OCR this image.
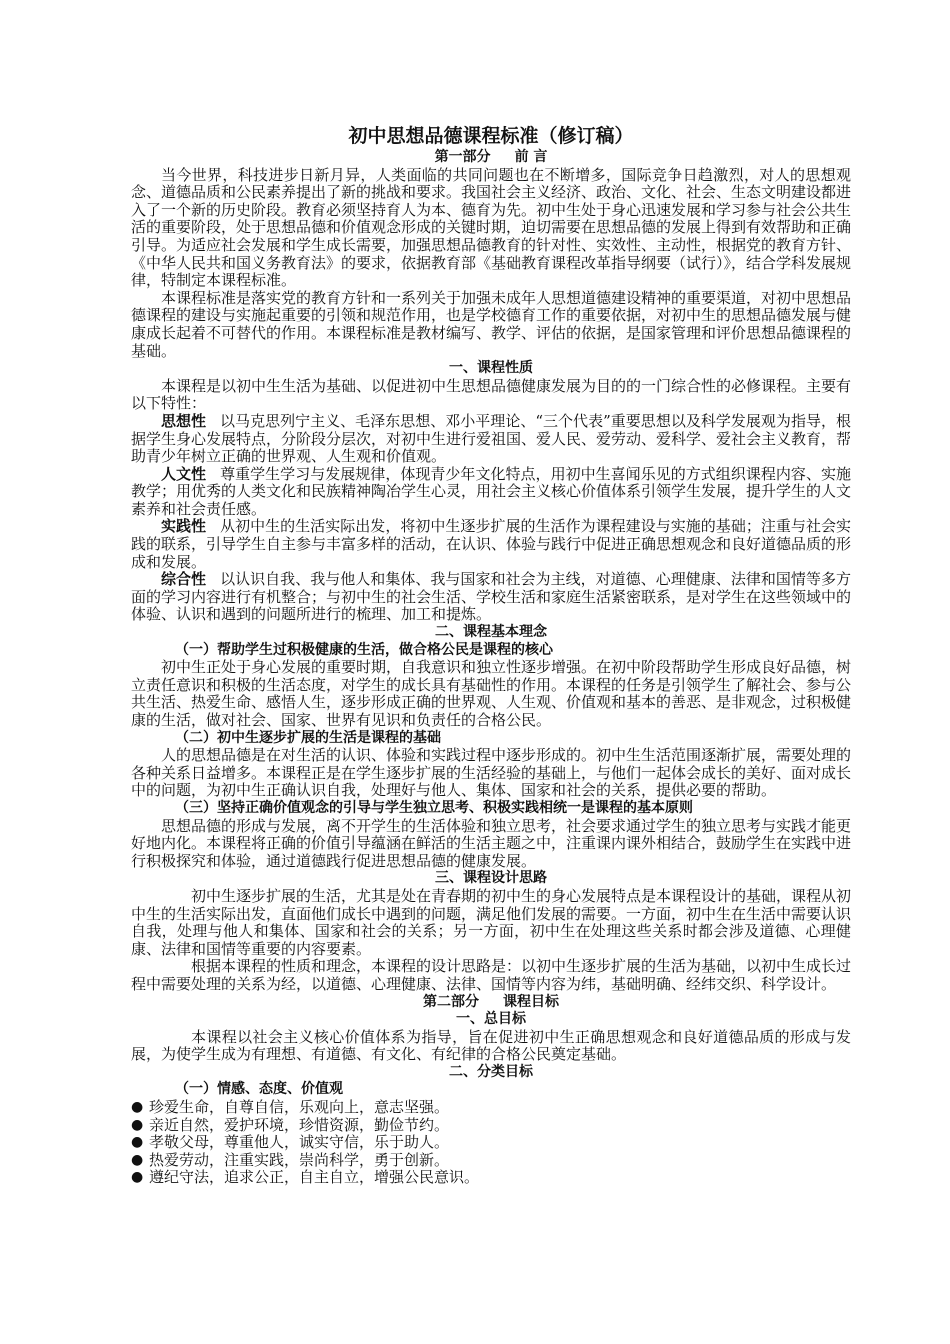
初中思想品德课程标准（修订稿）
第一部分 前 言

当今世界，科技进步日新月异，人类面临的共同问题也在不断增多，国际竞争日趋激烈，对人的思想观念、道德品质和公民素养提出了新的挑战和要求。我国社会主义经济、政治、文化、社会、生态文明建设都进入了一个新的历史阶段。教育必须坚持育人为本、德育为先。初中生处于身心迅速发展和学习参与社会公共生活的重要阶段，处于思想品德和价值观念形成的关键时期，迫切需要在思想品德的发展上得到有效帮助和正确引导。为适应社会发展和学生成长需要，加强思想品德教育的针对性、实效性、主动性，根据党的教育方针、《中华人民共和国义务教育法》的要求，依据教育部《基础教育课程改革指导纲要（试行）》，结合学科发展规律，特制定本课程标准。

本课程标准是落实党的教育方针和一系列关于加强未成年人思想道德建设精神的重要渠道，对初中思想品德课程的建设与实施起重要的引领和规范作用，也是学校德育工作的重要依据，对初中生的思想品德发展与健康成长起着不可替代的作用。本课程标准是教材编写、教学、评估的依据，是国家管理和评价思想品德课程的基础。

一、课程性质

本课程是以初中生生活为基础、以促进初中生思想品德健康发展为目的的一门综合性的必修课程。主要有以下特性：

思想性 以马克思列宁主义、毛泽东思想、邓小平理论、“三个代表”重要思想以及科学发展观为指导，根据学生身心发展特点，分阶段分层次，对初中生进行爱祖国、爱人民、爱劳动、爱科学、爱社会主义教育，帮助青少年树立正确的世界观、人生观和价值观。

人文性 尊重学生学习与发展规律，体现青少年文化特点，用初中生喜闻乐见的方式组织课程内容、实施教学；用优秀的人类文化和民族精神陶冶学生心灵，用社会主义核心价值体系引领学生发展，提升学生的人文素养和社会责任感。

实践性 从初中生的生活实际出发，将初中生逐步扩展的生活作为课程建设与实施的基础；注重与社会实践的联系，引导学生自主参与丰富多样的活动，在认识、体验与践行中促进正确思想观念和良好道德品质的形成和发展。

综合性 以认识自我、我与他人和集体、我与国家和社会为主线，对道德、心理健康、法律和国情等多方面的学习内容进行有机整合；与初中生的社会生活、学校生活和家庭生活紧密联系，是对学生在这些领域中的体验、认识和遇到的问题所进行的梳理、加工和提炼。

二、课程基本理念
（一）帮助学生过积极健康的生活，做合格公民是课程的核心

初中生正处于身心发展的重要时期，自我意识和独立性逐步增强。在初中阶段帮助学生形成良好品德，树立责任意识和积极的生活态度，对学生的成长具有基础性的作用。本课程的任务是引领学生了解社会、参与公共生活、热爱生命、感悟人生，逐步形成正确的世界观、人生观、价值观和基本的善恶、是非观念，过积极健康的生活，做对社会、国家、世界有见识和负责任的合格公民。

（二）初中生逐步扩展的生活是课程的基础

人的思想品德是在对生活的认识、体验和实践过程中逐步形成的。初中生生活范围逐渐扩展，需要处理的各种关系日益增多。本课程正是在学生逐步扩展的生活经验的基础上，与他们一起体会成长的美好、面对成长中的问题，为初中生正确认识自我，处理好与他人、集体、国家和社会的关系，提供必要的帮助。

（三）坚持正确价值观念的引导与学生独立思考、积极实践相统一是课程的基本原则

思想品德的形成与发展，离不开学生的生活体验和独立思考，社会要求通过学生的独立思考与实践才能更好地内化。本课程将正确的价值引导蕴涵在鲜活的生活主题之中，注重课内课外相结合，鼓励学生在实践中进行积极探究和体验，通过道德践行促进思想品德的健康发展。

三、课程设计思路

初中生逐步扩展的生活，尤其是处在青春期的初中生的身心发展特点是本课程设计的基础，课程从初中生的生活实际出发，直面他们成长中遇到的问题，满足他们发展的需要。一方面，初中生在生活中需要认识自我，处理与他人和集体、国家和社会的关系；另一方面，初中生在处理这些关系时都会涉及道德、心理健康、法律和国情等重要的内容要素。

根据本课程的性质和理念，本课程的设计思路是：以初中生逐步扩展的生活为基础，以初中生成长过程中需要处理的关系为经，以道德、心理健康、法律、国情等内容为纬，基础明确、经纬交织、科学设计。

第二部分 课程目标
一、总目标

本课程以社会主义核心价值体系为指导，旨在促进初中生正确思想观念和良好道德品质的形成与发展，为使学生成为有理想、有道德、有文化、有纪律的合格公民奠定基础。

二、分类目标
（一）情感、态度、价值观
● 珍爱生命，自尊自信，乐观向上，意志坚强。
● 亲近自然，爱护环境，珍惜资源，勤俭节约。
● 孝敬父母，尊重他人，诚实守信，乐于助人。
● 热爱劳动，注重实践，崇尚科学，勇于创新。
● 遵纪守法，追求公正，自主自立，增强公民意识。
